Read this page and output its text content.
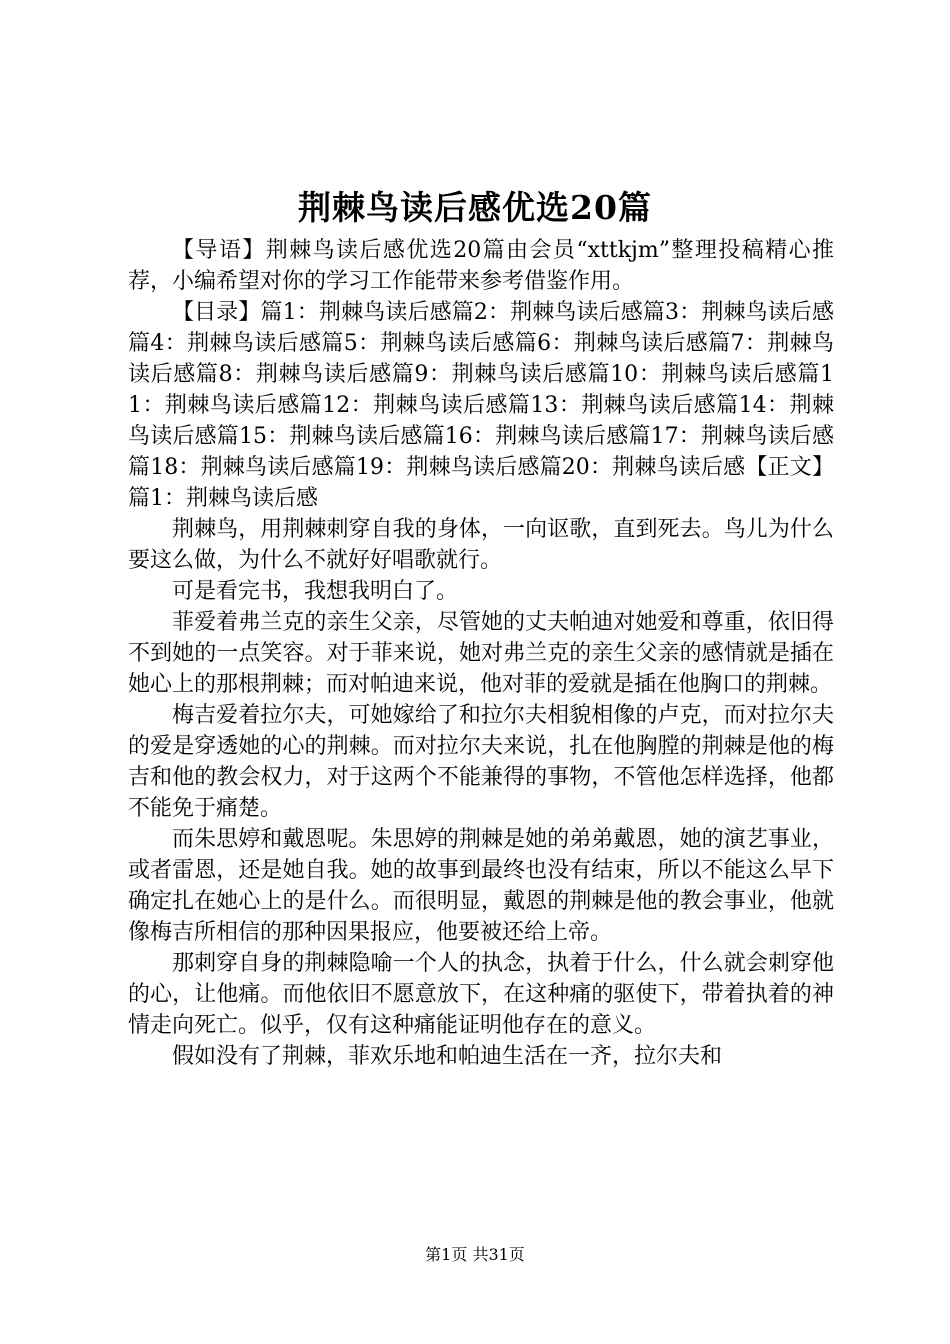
荆棘鸟读后感优选20篇

【导语】荆棘鸟读后感优选20篇由会员“xttkjm”整理投稿精心推荐，小编希望对你的学习工作能带来参考借鉴作用。

【目录】篇1：荆棘鸟读后感篇2：荆棘鸟读后感篇3：荆棘鸟读后感篇4：荆棘鸟读后感篇5：荆棘鸟读后感篇6：荆棘鸟读后感篇7：荆棘鸟读后感篇8：荆棘鸟读后感篇9：荆棘鸟读后感篇10：荆棘鸟读后感篇11：荆棘鸟读后感篇12：荆棘鸟读后感篇13：荆棘鸟读后感篇14：荆棘鸟读后感篇15：荆棘鸟读后感篇16：荆棘鸟读后感篇17：荆棘鸟读后感篇18：荆棘鸟读后感篇19：荆棘鸟读后感篇20：荆棘鸟读后感【正文】篇1：荆棘鸟读后感

荆棘鸟，用荆棘刺穿自我的身体，一向讴歌，直到死去。鸟儿为什么要这么做，为什么不就好好唱歌就行。

可是看完书，我想我明白了。

菲爱着弗兰克的亲生父亲，尽管她的丈夫帕迪对她爱和尊重，依旧得不到她的一点笑容。对于菲来说，她对弗兰克的亲生父亲的感情就是插在她心上的那根荆棘；而对帕迪来说，他对菲的爱就是插在他胸口的荆棘。

梅吉爱着拉尔夫，可她嫁给了和拉尔夫相貌相像的卢克，而对拉尔夫的爱是穿透她的心的荆棘。而对拉尔夫来说，扎在他胸膛的荆棘是他的梅吉和他的教会权力，对于这两个不能兼得的事物，不管他怎样选择，他都不能免于痛楚。

而朱思婷和戴恩呢。朱思婷的荆棘是她的弟弟戴恩，她的演艺事业，或者雷恩，还是她自我。她的故事到最终也没有结束，所以不能这么早下确定扎在她心上的是什么。而很明显，戴恩的荆棘是他的教会事业，他就像梅吉所相信的那种因果报应，他要被还给上帝。

那刺穿自身的荆棘隐喻一个人的执念，执着于什么，什么就会刺穿他的心，让他痛。而他依旧不愿意放下，在这种痛的驱使下，带着执着的神情走向死亡。似乎，仅有这种痛能证明他存在的意义。

假如没有了荆棘，菲欢乐地和帕迪生活在一齐，拉尔夫和

第1页 共31页
